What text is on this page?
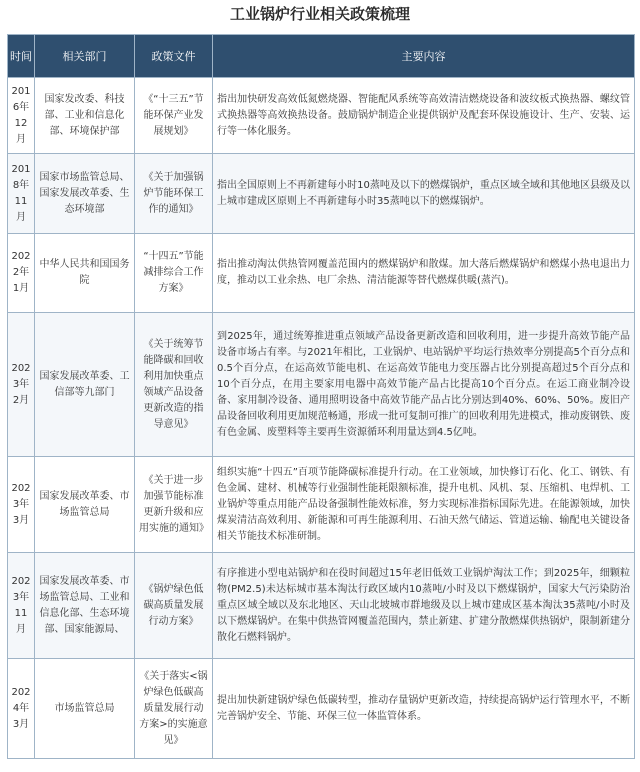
工业锅炉行业相关政策梳理
时间	相关部门	政策文件	主要内容
2016年12月	国家发改委、科技部、工业和信息化部、环境保护部	《“十三五”节能环保产业发展规划》	指出加快研发高效低氮燃烧器、智能配风系统等高效清洁燃烧设备和波纹板式换热器、螺纹管式换热器等高效换热设备。鼓励锅炉制造企业提供锅炉及配套环保设施设计、生产、安装、运行等一体化服务。
2018年11月	国家市场监管总局、国家发展改革委、生态环境部	《关于加强锅炉节能环保工作的通知》	指出全国原则上不再新建每小时10蒸吨及以下的燃煤锅炉，重点区域全域和其他地区县级及以上城市建成区原则上不再新建每小时35蒸吨以下的燃煤锅炉。
2022年1月	中华人民共和国国务院	“十四五”节能减排综合工作方案》	指出推动淘汰供热管网覆盖范围内的燃煤锅炉和散煤。加大落后燃煤锅炉和燃煤小热电退出力度，推动以工业余热、电厂余热、清洁能源等替代燃煤供暖(蒸汽)。
2023年2月	国家发展改革委、工信部等九部门	《关于统筹节能降碳和回收利用加快重点领域产品设备更新改造的指导意见》	到2025年，通过统筹推进重点领域产品设备更新改造和回收利用，进一步提升高效节能产品设备市场占有率。与2021年相比，工业锅炉、电站锅炉平均运行热效率分别提高5个百分点和0.5个百分点，在运高效节能电机、在运高效节能电力变压器占比分别提高超过5个百分点和10个百分点，在用主要家用电器中高效节能产品占比提高10个百分点。在运工商业制冷设备、家用制冷设备、通用照明设备中高效节能产品占比分别达到40%、60%、50%。废旧产品设备回收利用更加规范畅通，形成一批可复制可推广的回收利用先进模式，推动废钢铁、废有色金属、废塑料等主要再生资源循环利用量达到4.5亿吨。
2023年3月	国家发展改革委、市场监管总局	《关于进一步加强节能标准更新升级和应用实施的通知》	组织实施“十四五”百项节能降碳标准提升行动。在工业领域，加快修订石化、化工、钢铁、有色金属、建材、机械等行业强制性能耗限额标准，提升电机、风机、泵、压缩机、电焊机、工业锅炉等重点用能产品设备强制性能效标准，努力实现标准指标国际先进。在能源领域，加快煤炭清洁高效利用、新能源和可再生能源利用、石油天然气储运、管道运输、输配电关键设备相关节能技术标准研制。
2023年11月	国家发展改革委、市场监管总局、工业和信息化部、生态环境部、国家能源局、	《锅炉绿色低碳高质量发展行动方案》	有序推进小型电站锅炉和在役时间超过15年老旧低效工业锅炉淘汰工作；到2025年，细颗粒物(PM2.5)未达标城市基本淘汰行政区域内10蒸吨/小时及以下燃煤锅炉，国家大气污染防治重点区域全域以及东北地区、天山北坡城市群地级及以上城市建成区基本淘汰35蒸吨/小时及以下燃煤锅炉。在集中供热管网覆盖范围内，禁止新建、扩建分散燃煤供热锅炉，限制新建分散化石燃料锅炉。
2024年3月	市场监管总局	《关于落实<锅炉绿色低碳高质量发展行动方案>的实施意见》	提出加快新建锅炉绿色低碳转型，推动存量锅炉更新改造，持续提高锅炉运行管理水平，不断完善锅炉安全、节能、环保三位一体监管体系。
